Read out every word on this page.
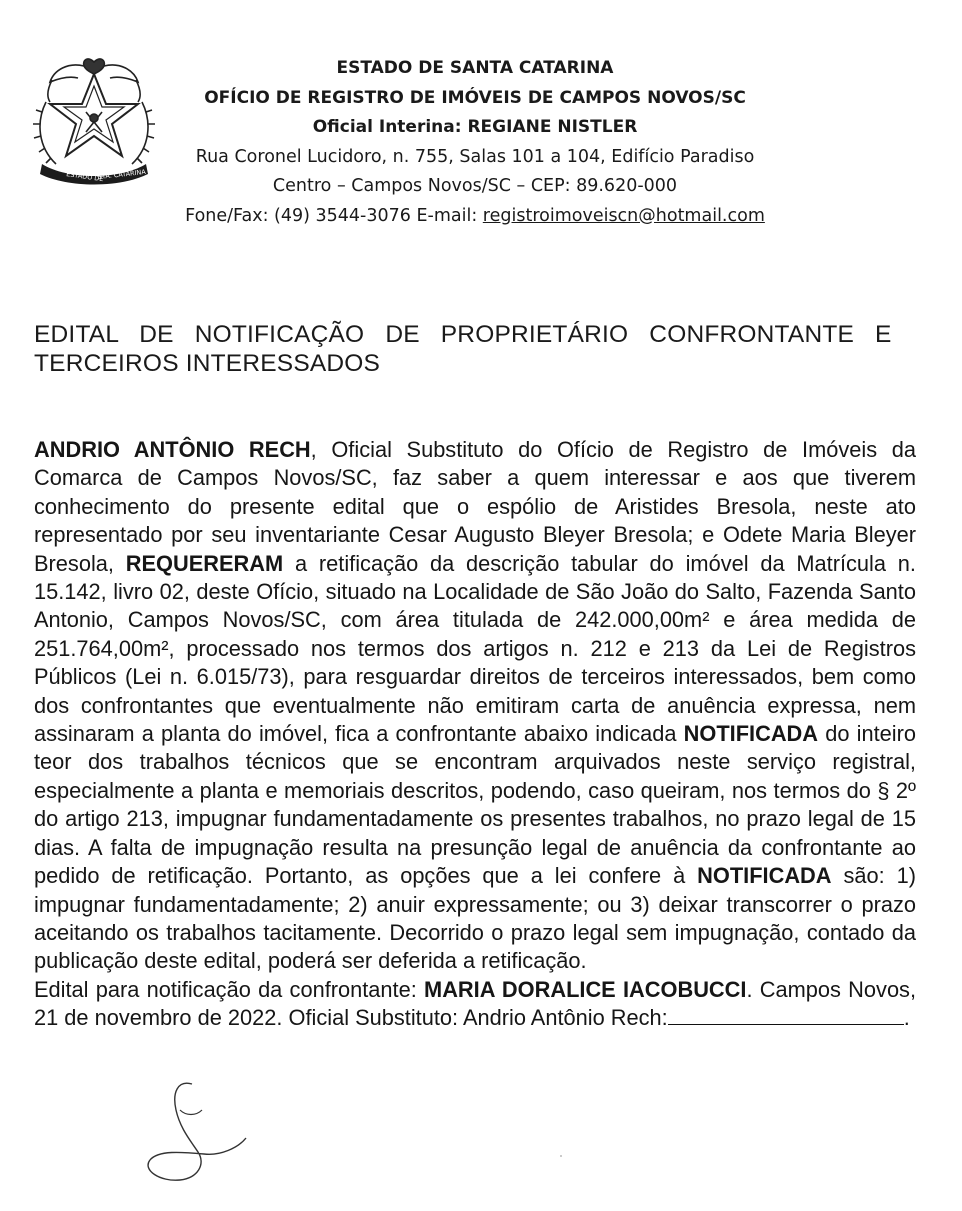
ESTADO DE
STA. CATARINA
ESTADO DE SANTA CATARINA
OFÍCIO DE REGISTRO DE IMÓVEIS DE CAMPOS NOVOS/SC
Oficial Interina: REGIANE NISTLER
Rua Coronel Lucidoro, n. 755, Salas 101 a 104, Edifício Paradiso
Centro – Campos Novos/SC – CEP: 89.620-000
Fone/Fax: (49) 3544-3076 E-mail: registroimoveiscn@hotmail.com
EDITAL DE NOTIFICAÇÃO DE PROPRIETÁRIO CONFRONTANTE E
TERCEIROS INTERESSADOS
ANDRIO ANTÔNIO RECH, Oficial Substituto do Ofício de Registro de Imóveis da Comarca de Campos Novos/SC, faz saber a quem interessar e aos que tiverem conhecimento do presente edital que o espólio de Aristides Bresola, neste ato representado por seu inventariante Cesar Augusto Bleyer Bresola; e Odete Maria Bleyer Bresola, REQUERERAM a retificação da descrição tabular do imóvel da Matrícula n. 15.142, livro 02, deste Ofício, situado na Localidade de São João do Salto, Fazenda Santo Antonio, Campos Novos/SC, com área titulada de 242.000,00m² e área medida de 251.764,00m², processado nos termos dos artigos n. 212 e 213 da Lei de Registros Públicos (Lei n. 6.015/73), para resguardar direitos de terceiros interessados, bem como dos confrontantes que eventualmente não emitiram carta de anuência expressa, nem assinaram a planta do imóvel, fica a confrontante abaixo indicada NOTIFICADA do inteiro teor dos trabalhos técnicos que se encontram arquivados neste serviço registral, especialmente a planta e memoriais descritos, podendo, caso queiram, nos termos do § 2º do artigo 213, impugnar fundamentadamente os presentes trabalhos, no prazo legal de 15 dias. A falta de impugnação resulta na presunção legal de anuência da confrontante ao pedido de retificação. Portanto, as opções que a lei confere à NOTIFICADA são: 1) impugnar fundamentadamente; 2) anuir expressamente; ou 3) deixar transcorrer o prazo aceitando os trabalhos tacitamente. Decorrido o prazo legal sem impugnação, contado da publicação deste edital, poderá ser deferida a retificação.
Edital para notificação da confrontante: MARIA DORALICE IACOBUCCI. Campos Novos, 21 de novembro de 2022. Oficial Substituto: Andrio Antônio Rech:	.
